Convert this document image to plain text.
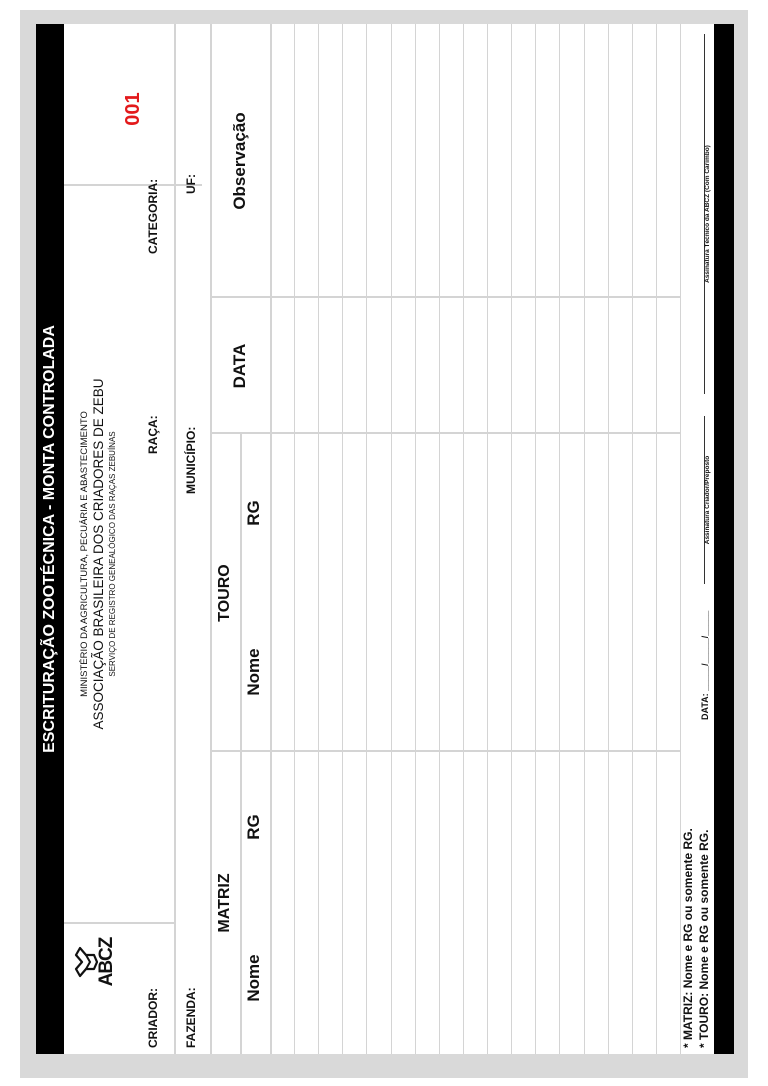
ESCRITURAÇÃO ZOOTÉCNICA - MONTA CONTROLADA
ABCZ
MINISTÉRIO DA AGRICULTURA, PECUÁRIA E ABASTECIMENTO ASSOCIAÇÃO BRASILEIRA DOS CRIADORES DE ZEBU SERVIÇO DE REGISTRO GENEALÓGICO DAS RAÇAS ZEBUÍNAS
001
CRIADOR:
RAÇA:
CATEGORIA:
FAZENDA:
MUNICÍPIO:
UF:
MATRIZ
TOURO
Nome
RG
Nome
RG
DATA
Observação
* MATRIZ: Nome e RG ou somente RG. * TOURO: Nome e RG ou somente RG.
DATA: _____/_____/_____
Assinatura Criador/Preposto
Assinatura Técnico da ABCZ (Com Carimbo)
